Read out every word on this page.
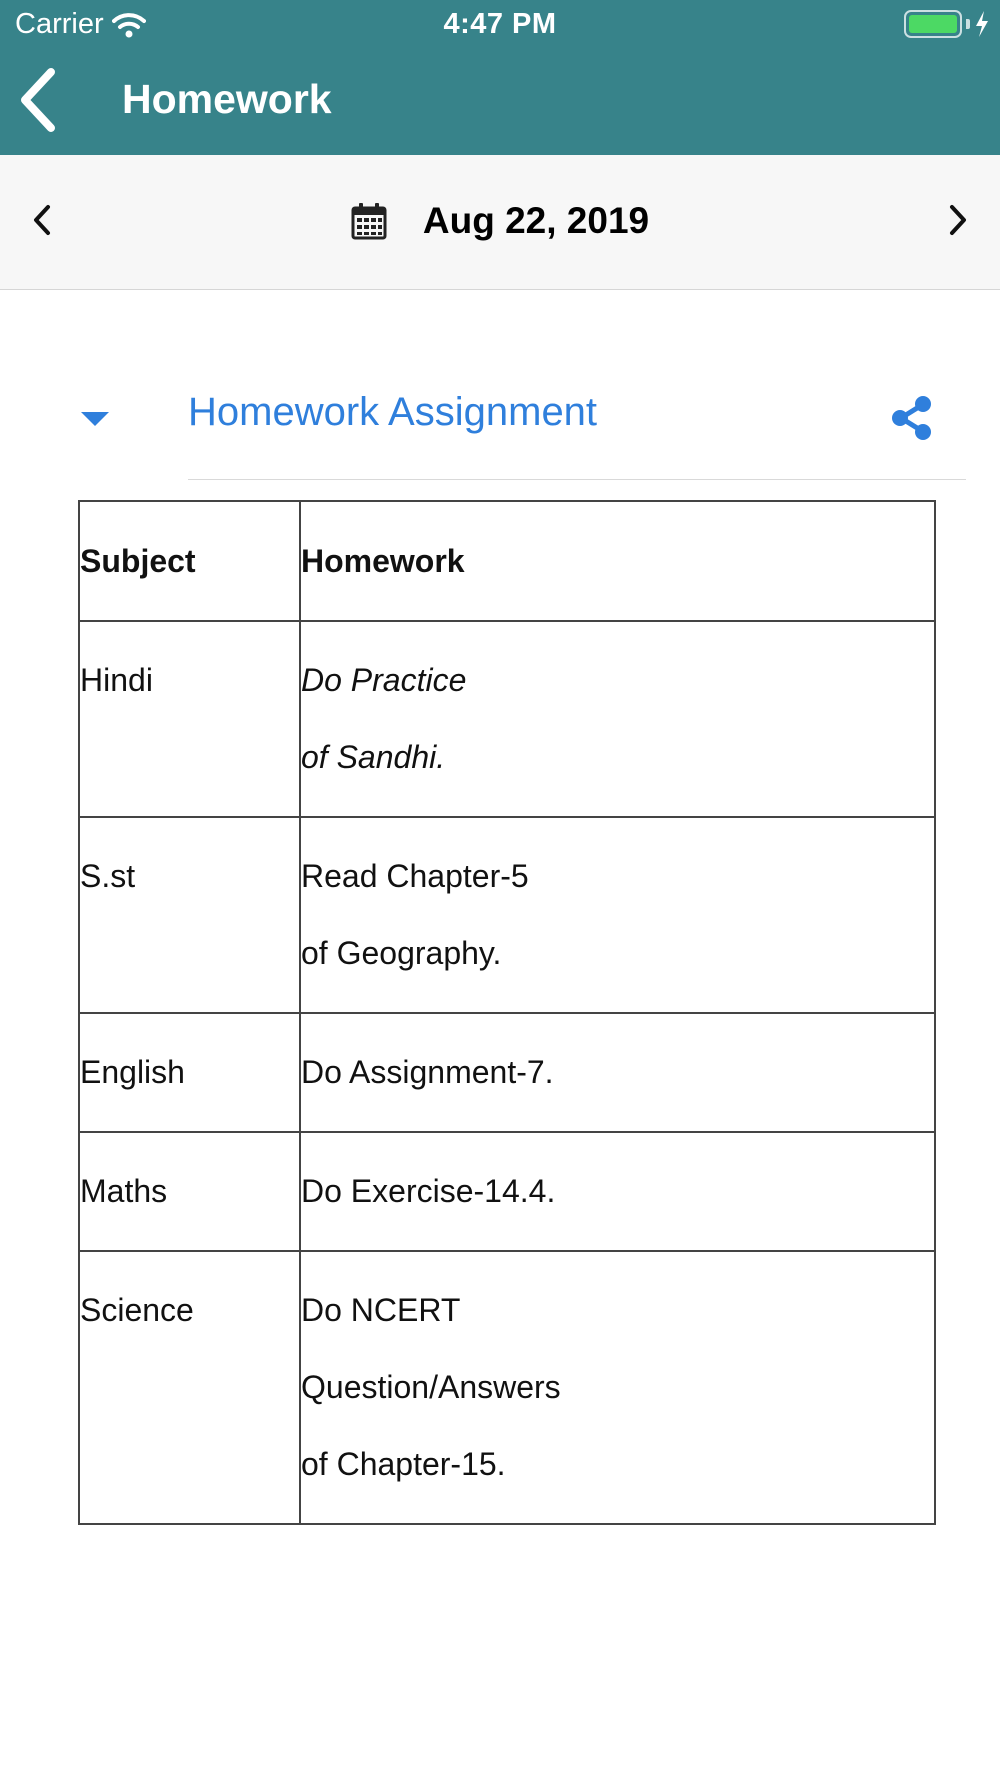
Carrier	4:47 PM
Homework
Aug 22, 2019
Homework Assignment
Subject	Homework
Hindi	Do Practice
of Sandhi.

S.st	Read Chapter-5
of Geography.

English	Do Assignment-7.

Maths	Do Exercise-14.4.

Science	Do NCERT
Question/Answers
of Chapter-15.
